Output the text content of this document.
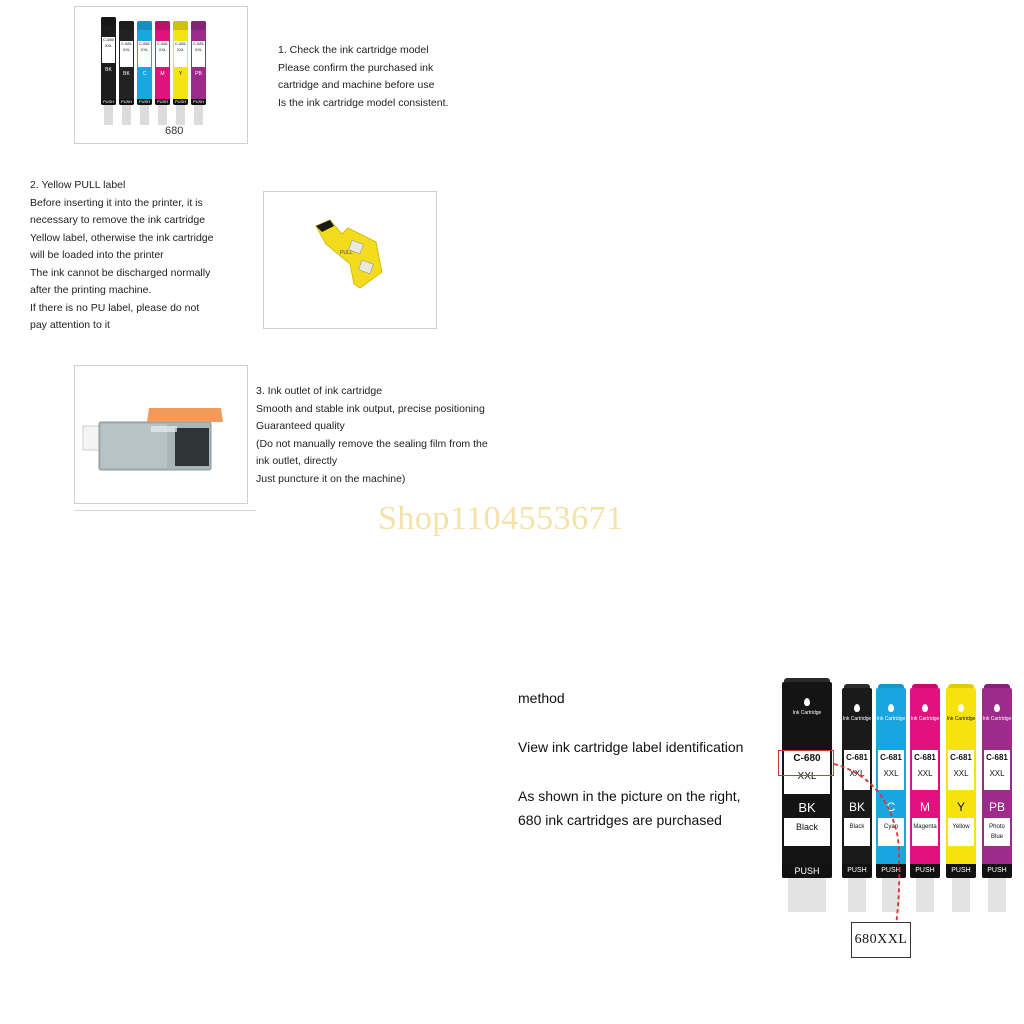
C-680 XXL
BK
PUSH
C-681 XXL
BK
PUSH
C-681 XXL
C
PUSH
C-681 XXL
M
PUSH
C-681 XXL
Y
PUSH
C-681 XXL
PB
PUSH
680
1. Check the ink cartridge model
Please confirm the purchased ink
cartridge and machine before use
Is the ink cartridge model consistent.
2. Yellow PULL label
Before inserting it into the printer, it is
necessary to remove the ink cartridge
Yellow label, otherwise the ink cartridge
will be loaded into the printer
The ink cannot be discharged normally
after the printing machine.
If there is no PU label, please do not
pay attention to it
PULL
3. Ink outlet of ink cartridge
Smooth and stable ink output, precise positioning
Guaranteed quality
(Do not manually remove the sealing film from the
ink outlet, directly
Just puncture it on the machine)
Shop1104553671
method
View ink cartridge label identification
As shown in the picture on the right,
680 ink cartridges are purchased
Ink Cartridge
C-680
XXL
BK
Black
PUSH
Ink Cartridge
C-681
XXL
BK
Black
PUSH
Ink Cartridge
C-681
XXL
C
Cyan
PUSH
Ink Cartridge
C-681
XXL
M
Magenta
PUSH
Ink Cartridge
C-681
XXL
Y
Yellow
PUSH
Ink Cartridge
C-681
XXL
PB
Photo Blue
PUSH
680XXL
